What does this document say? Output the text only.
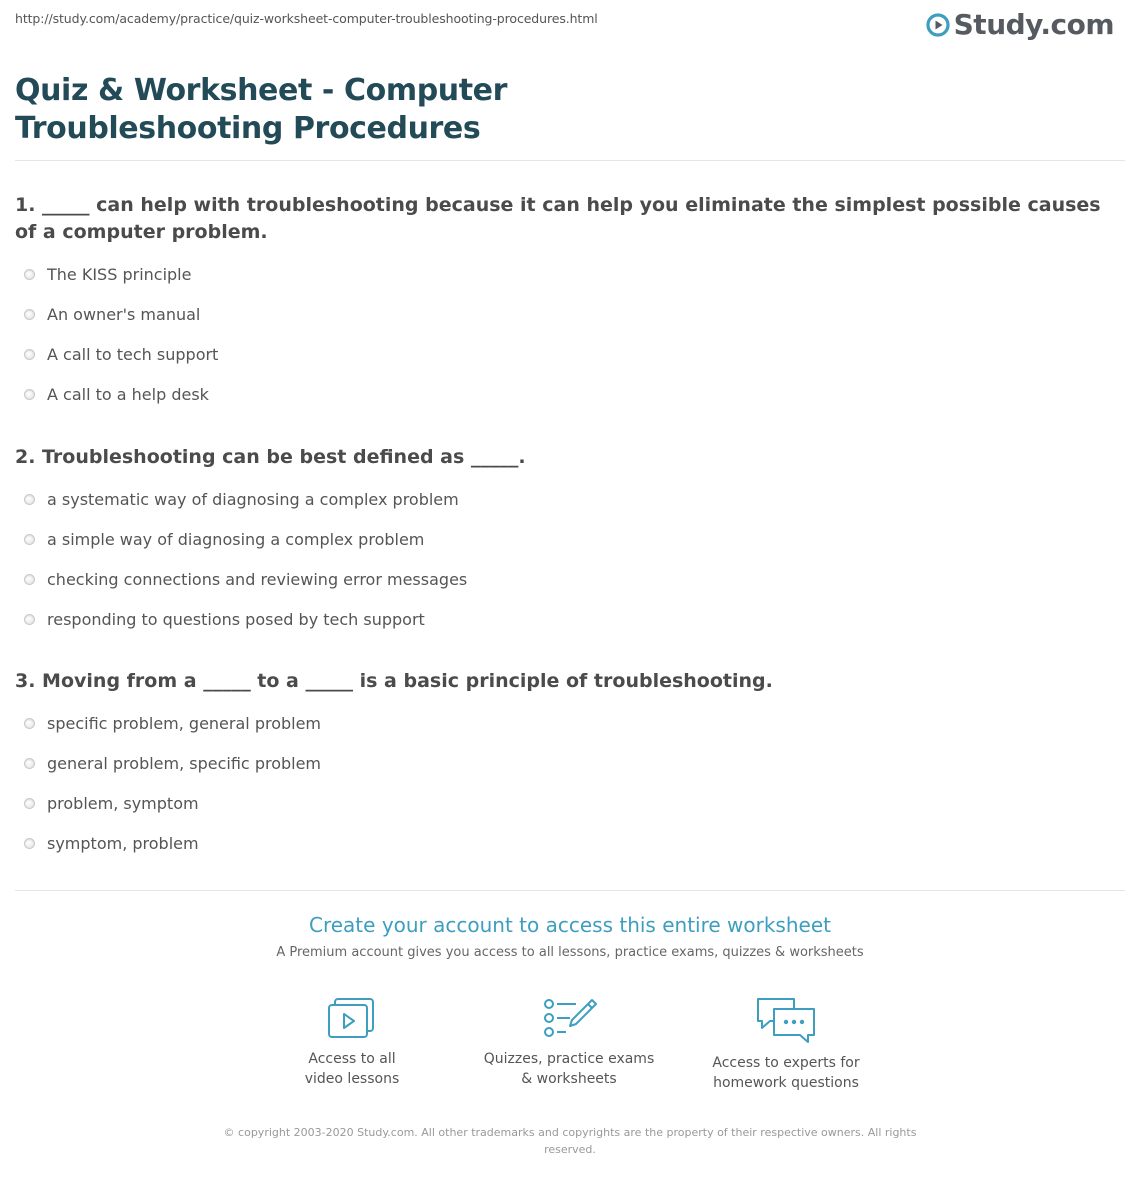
http://study.com/academy/practice/quiz-worksheet-computer-troubleshooting-procedures.html	Study.com
Quiz & Worksheet - Computer Troubleshooting Procedures

1. _____ can help with troubleshooting because it can help you eliminate the simplest possible causes of a computer problem.

The KISS principle
An owner's manual
A call to tech support
A call to a help desk

2. Troubleshooting can be best defined as _____.

a systematic way of diagnosing a complex problem
a simple way of diagnosing a complex problem
checking connections and reviewing error messages
responding to questions posed by tech support

3. Moving from a _____ to a _____ is a basic principle of troubleshooting.

specific problem, general problem
general problem, specific problem
problem, symptom
symptom, problem
Create your account to access this entire worksheet
A Premium account gives you access to all lessons, practice exams, quizzes & worksheets
Access to all
video lessons
Quizzes, practice exams
& worksheets
Access to experts for
homework questions
© copyright 2003-2020 Study.com. All other trademarks and copyrights are the property of their respective owners. All rights reserved.
